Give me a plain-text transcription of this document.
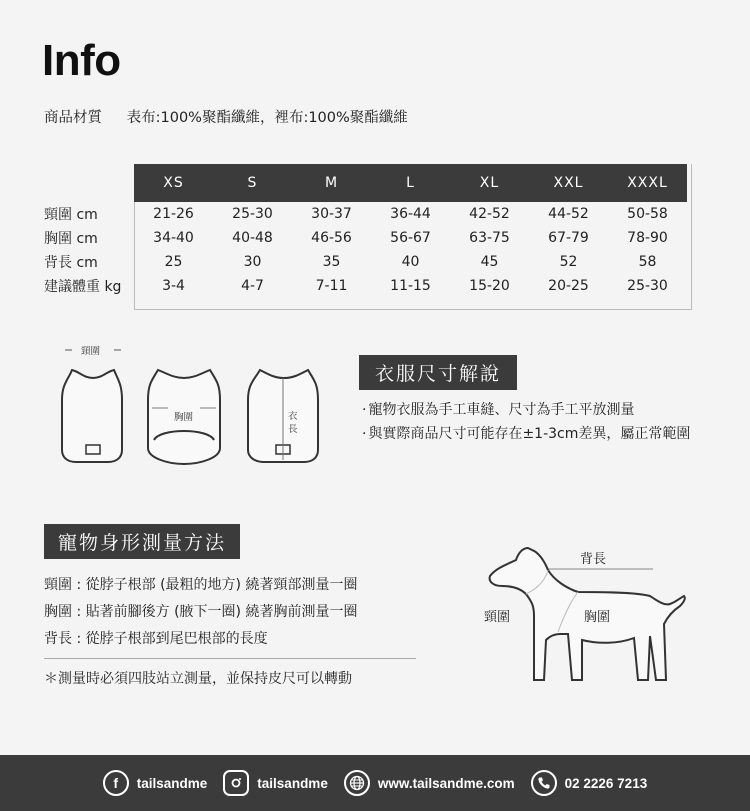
Info
商品材質 表布:100%聚酯纖維，裡布:100%聚酯纖維
	XS	S	M	L	XL	XXL	XXXL
頸圍 cm	21-26	25-30	30-37	36-44	42-52	44-52	50-58
胸圍 cm	34-40	40-48	46-56	56-67	63-75	67-79	78-90
背長 cm	25	30	35	40	45	52	58
建議體重 kg	3-4	4-7	7-11	11-15	15-20	20-25	25-30
頸圍
胸圍	衣
長
衣服尺寸解說
· 寵物衣服為手工車縫、尺寸為手工平放測量
· 與實際商品尺寸可能存在±1-3cm差異，屬正常範圍
寵物身形測量方法
頸圍 : 從脖子根部 (最粗的地方) 繞著頸部測量一圈
胸圍 : 貼著前腳後方 (腋下一圈) 繞著胸前測量一圈
背長 : 從脖子根部到尾巴根部的長度
＊測量時必須四肢站立測量，並保持皮尺可以轉動
背長
頸圍	胸圍
f	tailsandme	tailsandme	www.tailsandme.com	02 2226 7213
